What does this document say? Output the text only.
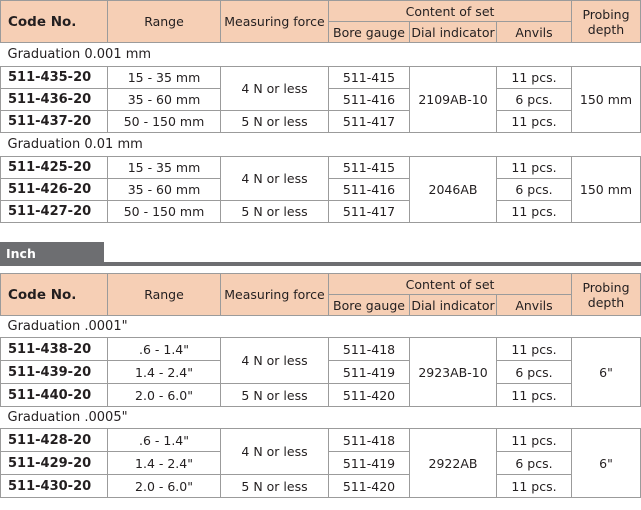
Code No.	Range	Measuring force	Content of set			Probing
depth
			Bore gauge	Dial indicator	Anvils	
Graduation 0.001 mm						
511-435-20	15 - 35 mm	4 N or less	511-415	2109AB-10	11 pcs.	150 mm
511-436-20	35 - 60 mm		511-416		6 pcs.	
511-437-20	50 - 150 mm	5 N or less	511-417		11 pcs.	
Graduation 0.01 mm						
511-425-20	15 - 35 mm	4 N or less	511-415	2046AB	11 pcs.	150 mm
511-426-20	35 - 60 mm		511-416		6 pcs.	
511-427-20	50 - 150 mm	5 N or less	511-417		11 pcs.	
Inch
Code No.	Range	Measuring force	Content of set			Probing
depth
			Bore gauge	Dial indicator	Anvils	
Graduation .0001"						
511-438-20	.6 - 1.4"	4 N or less	511-418	2923AB-10	11 pcs.	6"
511-439-20	1.4 - 2.4"		511-419		6 pcs.	
511-440-20	2.0 - 6.0"	5 N or less	511-420		11 pcs.	
Graduation .0005"						
511-428-20	.6 - 1.4"	4 N or less	511-418	2922AB	11 pcs.	6"
511-429-20	1.4 - 2.4"		511-419		6 pcs.	
511-430-20	2.0 - 6.0"	5 N or less	511-420		11 pcs.	
